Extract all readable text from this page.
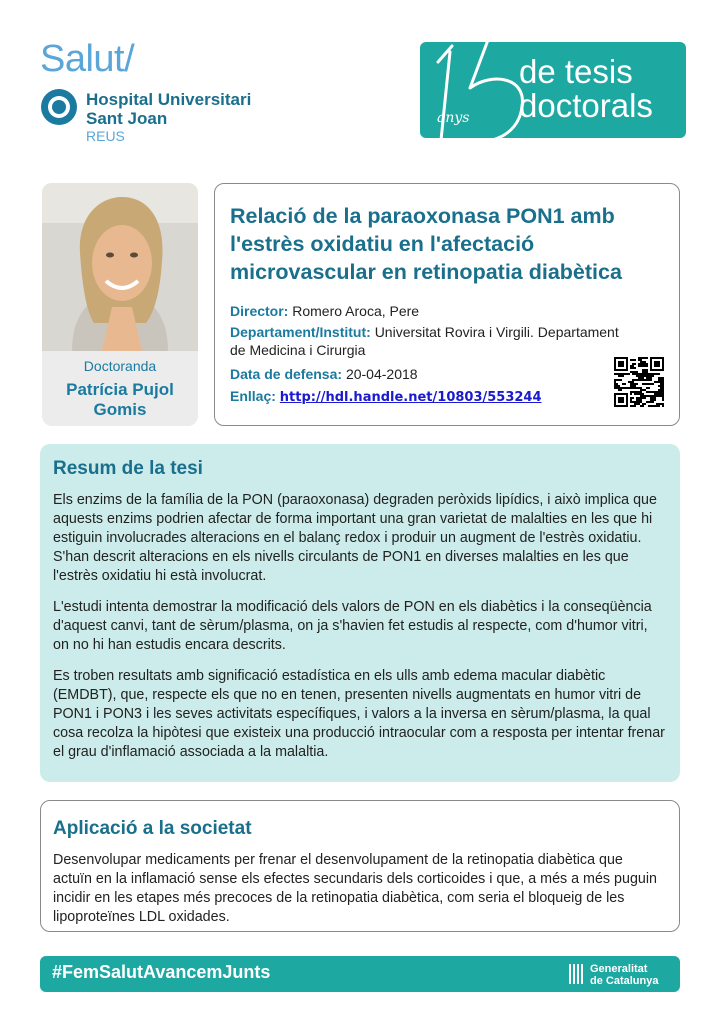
Salut/
Hospital Universitari
Sant Joan
REUS
anys
de tesis
doctorals
Doctoranda
Patrícia Pujol
Gomis
Relació de la paraoxonasa PON1 amb l'estrès oxidatiu en l'afectació microvascular en retinopatia diabètica
Director: Romero Aroca, Pere
Departament/Institut: Universitat Rovira i Virgili. Departament de Medicina i Cirurgia
Data de defensa: 20-04-2018
Enllaç: http://hdl.handle.net/10803/553244
Resum de la tesi

Els enzims de la família de la PON (paraoxonasa) degraden peròxids lipídics, i això implica que aquests enzims podrien afectar de forma important una gran varietat de malalties en les que hi estiguin involucrades alteracions en el balanç redox i produir un augment de l'estrès oxidatiu. S'han descrit alteracions en els nivells circulants de PON1 en diverses malalties en les que l'estrès oxidatiu hi està involucrat.

L'estudi intenta demostrar la modificació dels valors de PON en els diabètics i la conseqüència d'aquest canvi, tant de sèrum/plasma, on ja s'havien fet estudis al respecte, com d'humor vitri, on no hi han estudis encara descrits.

Es troben resultats amb significació estadística en els ulls amb edema macular diabètic (EMDBT), que, respecte els que no en tenen, presenten nivells augmentats en humor vitri de PON1 i PON3 i les seves activitats específiques, i valors a la inversa en sèrum/plasma, la qual cosa recolza la hipòtesi que existeix una producció intraocular com a resposta per intentar frenar el grau d'inflamació associada a la malaltia.

Aplicació a la societat

Desenvolupar medicaments per frenar el desenvolupament de la retinopatia diabètica que actuïn en la inflamació sense els efectes secundaris dels corticoides i que, a més a més puguin incidir en les etapes més precoces de la retinopatia diabètica, com seria el bloqueig de les lipoproteïnes LDL oxidades.

#FemSalutAvancemJunts	Generalitat
de Catalunya
